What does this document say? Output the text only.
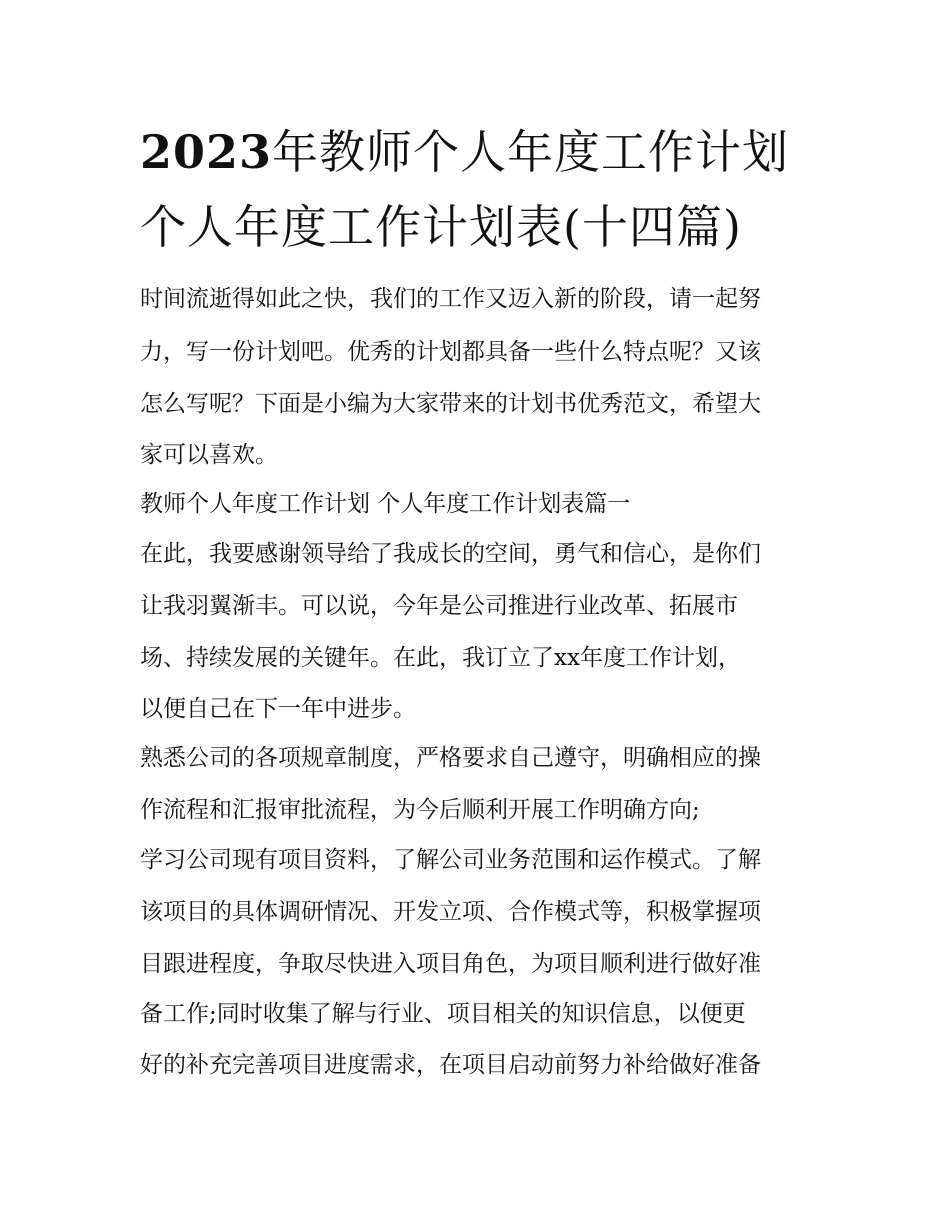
2023年教师个人年度工作计划
个人年度工作计划表(十四篇)

时间流逝得如此之快，我们的工作又迈入新的阶段，请一起努

力，写一份计划吧。优秀的计划都具备一些什么特点呢？又该

怎么写呢？下面是小编为大家带来的计划书优秀范文，希望大

家可以喜欢。

教师个人年度工作计划 个人年度工作计划表篇一

在此，我要感谢领导给了我成长的空间，勇气和信心，是你们

让我羽翼渐丰。可以说，今年是公司推进行业改革、拓展市

场、持续发展的关键年。在此，我订立了xx年度工作计划，

以便自己在下一年中进步。

熟悉公司的各项规章制度，严格要求自己遵守，明确相应的操

作流程和汇报审批流程，为今后顺利开展工作明确方向;

学习公司现有项目资料，了解公司业务范围和运作模式。了解

该项目的具体调研情况、开发立项、合作模式等，积极掌握项

目跟进程度，争取尽快进入项目角色，为项目顺利进行做好准

备工作;同时收集了解与行业、项目相关的知识信息，以便更

好的补充完善项目进度需求，在项目启动前努力补给做好准备
